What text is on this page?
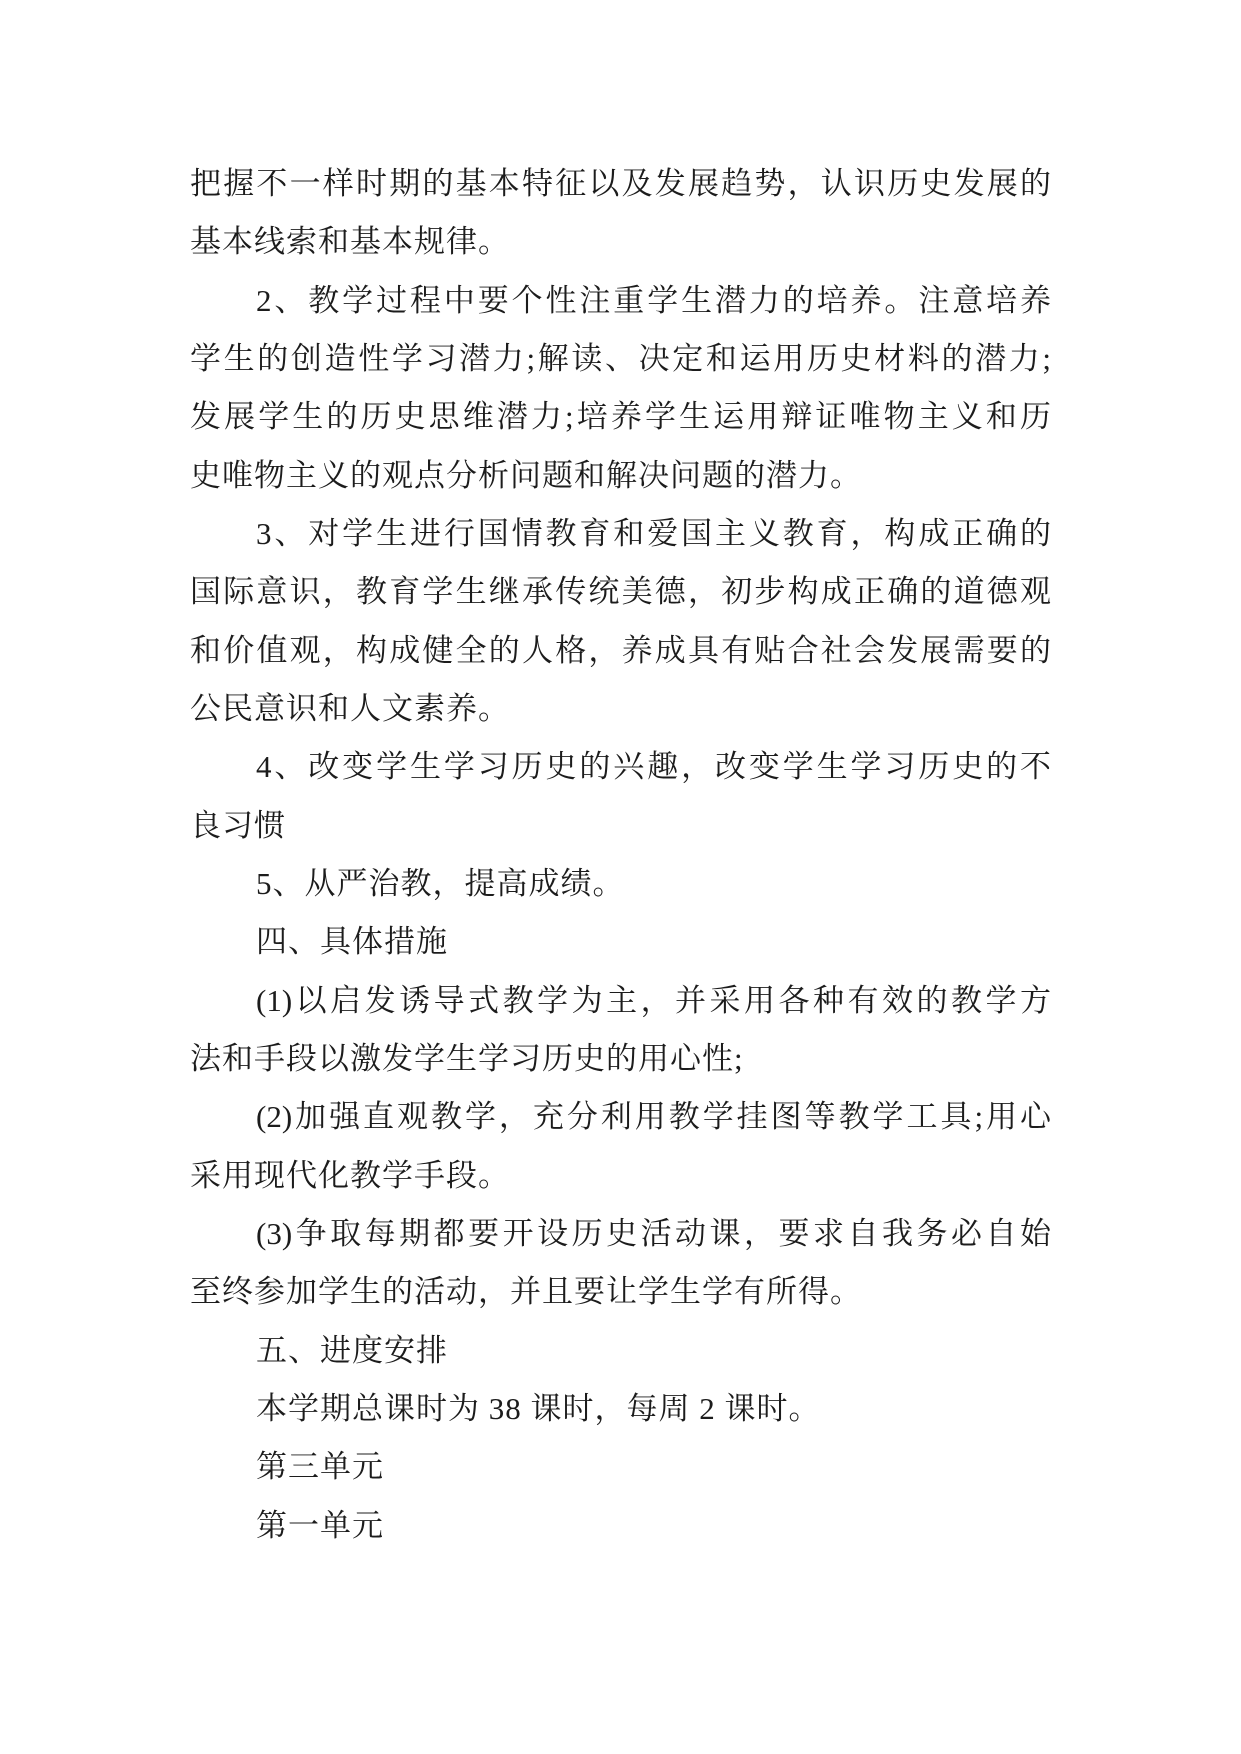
把握不一样时期的基本特征以及发展趋势，认识历史发展的
基本线索和基本规律。
2、教学过程中要个性注重学生潜力的培养。注意培养
学生的创造性学习潜力;解读、决定和运用历史材料的潜力;
发展学生的历史思维潜力;培养学生运用辩证唯物主义和历
史唯物主义的观点分析问题和解决问题的潜力。
3、对学生进行国情教育和爱国主义教育，构成正确的
国际意识，教育学生继承传统美德，初步构成正确的道德观
和价值观，构成健全的人格，养成具有贴合社会发展需要的
公民意识和人文素养。
4、改变学生学习历史的兴趣，改变学生学习历史的不
良习惯
5、从严治教，提高成绩。
四、具体措施
(1)以启发诱导式教学为主，并采用各种有效的教学方
法和手段以激发学生学习历史的用心性;
(2)加强直观教学，充分利用教学挂图等教学工具;用心
采用现代化教学手段。
(3)争取每期都要开设历史活动课，要求自我务必自始
至终参加学生的活动，并且要让学生学有所得。
五、进度安排
本学期总课时为 38 课时，每周 2 课时。
第三单元
第一单元
